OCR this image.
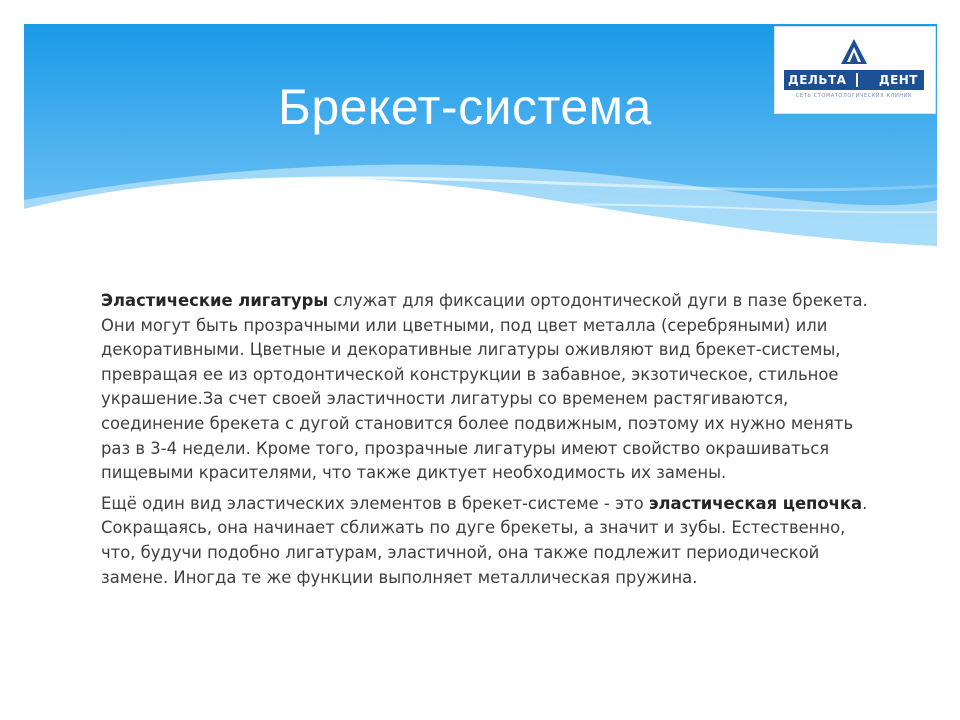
Брекет-система	ДЕЛЬТА	ДЕНТ
СЕТЬ СТОМАТОЛОГИЧЕСКИХ КЛИНИК

Эластические лигатуры служат для фиксации ортодонтической дуги в пазе брекета. Они могут быть прозрачными или цветными, под цвет металла (серебряными) или декоративными. Цветные и декоративные лигатуры оживляют вид брекет-системы, превращая ее из ортодонтической конструкции в забавное, экзотическое, стильное украшение.За счет своей эластичности лигатуры со временем растягиваются, соединение брекета с дугой становится более подвижным, поэтому их нужно менять раз в 3-4 недели. Кроме того, прозрачные лигатуры имеют свойство окрашиваться пищевыми красителями, что также диктует необходимость их замены.

Ещё один вид эластических элементов в брекет-системе - это эластическая цепочка. Сокращаясь, она начинает сближать по дуге брекеты, а значит и зубы. Естественно, что, будучи подобно лигатурам, эластичной, она также подлежит периодической замене. Иногда те же функции выполняет металлическая пружина.
